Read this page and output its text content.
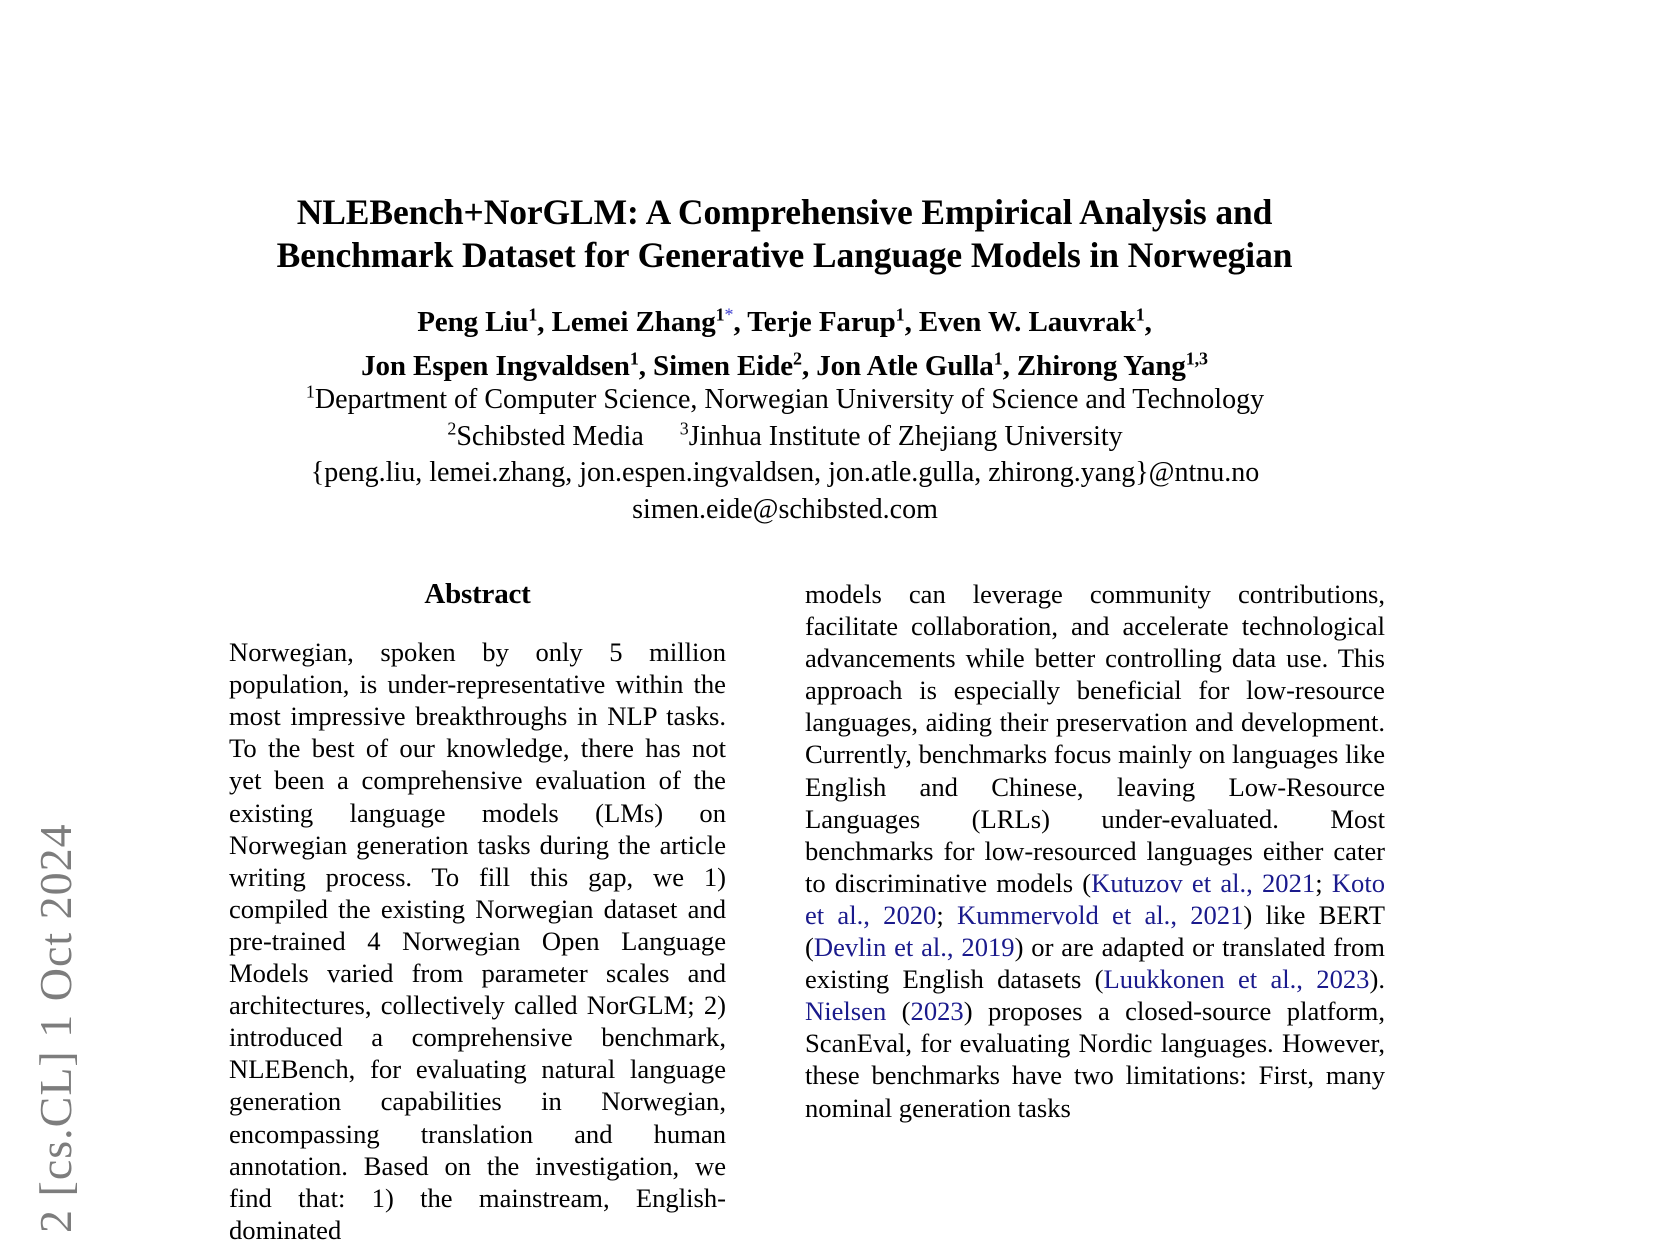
2 [cs.CL] 1 Oct 2024
NLEBench+NorGLM: A Comprehensive Empirical Analysis and
Benchmark Dataset for Generative Language Models in Norwegian
Peng Liu$^1$, Lemei Zhang$^{1*}$, Terje Farup$^1$, Even W. Lauvrak$^1$,
Jon Espen Ingvaldsen$^1$, Simen Eide$^2$, Jon Atle Gulla$^1$, Zhirong Yang$^{1,3}$
$^1$Department of Computer Science, Norwegian University of Science and Technology
$^2$Schibsted Media $^3$Jinhua Institute of Zhejiang University
{peng.liu, lemei.zhang, jon.espen.ingvaldsen, jon.atle.gulla, zhirong.yang}@ntnu.no
simen.eide@schibsted.com
Abstract

Norwegian, spoken by only 5 million population, is under-representative within the most impressive breakthroughs in NLP tasks. To the best of our knowledge, there has not yet been a comprehensive evaluation of the existing language models (LMs) on Norwegian generation tasks during the article writing process. To fill this gap, we 1) compiled the existing Norwegian dataset and pre-trained 4 Norwegian Open Language Models varied from parameter scales and architectures, collectively called NorGLM; 2) introduced a comprehensive benchmark, NLEBench, for evaluating natural language generation capabilities in Norwegian, encompassing translation and human annotation. Based on the investigation, we find that: 1) the mainstream, English-dominated

models can leverage community contributions, facilitate collaboration, and accelerate technological advancements while better controlling data use. This approach is especially beneficial for low-resource languages, aiding their preservation and development. Currently, benchmarks focus mainly on languages like English and Chinese, leaving Low-Resource Languages (LRLs) under-evaluated. Most benchmarks for low-resourced languages either cater to discriminative models (Kutuzov et al., 2021; Koto et al., 2020; Kummervold et al., 2021) like BERT (Devlin et al., 2019) or are adapted or translated from existing English datasets (Luukkonen et al., 2023). Nielsen (2023) proposes a closed-source platform, ScanEval, for evaluating Nordic languages. However, these benchmarks have two limitations: First, many nominal generation tasks
